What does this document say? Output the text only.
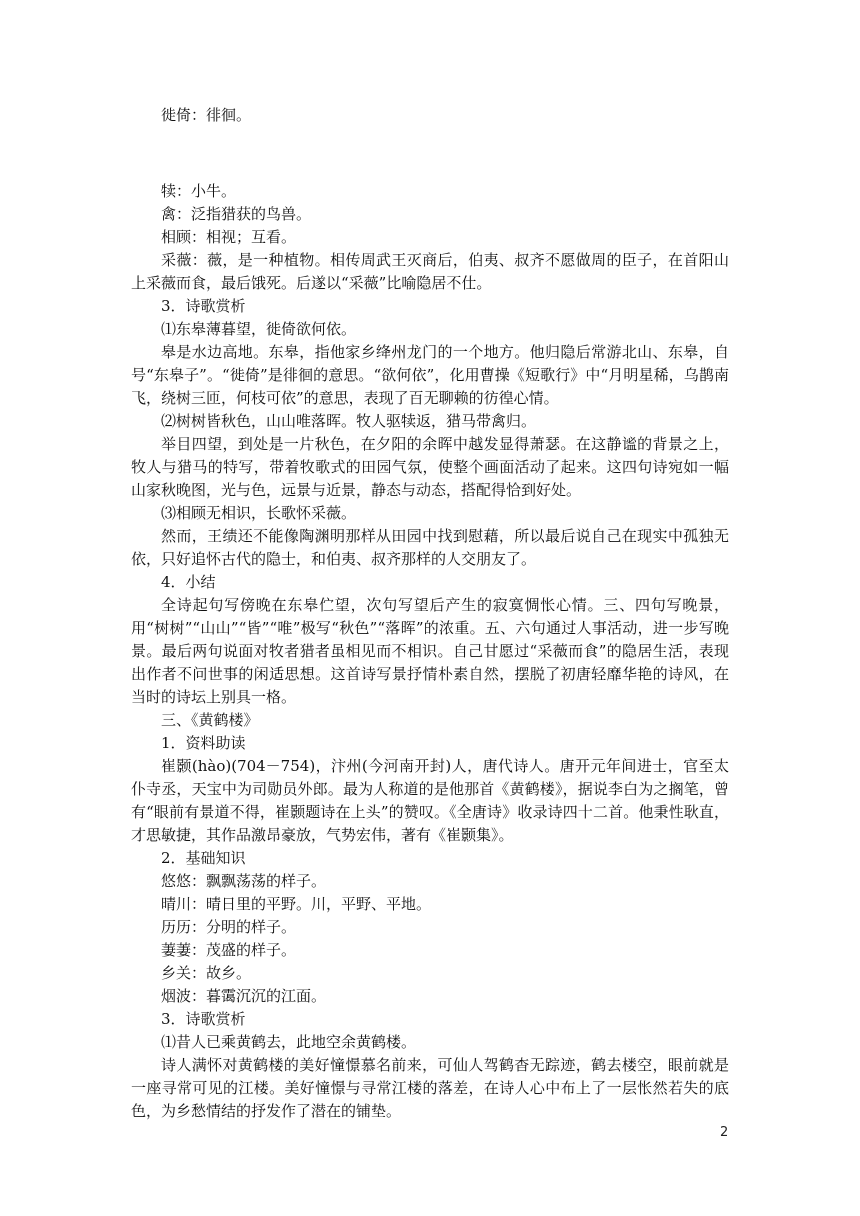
徙倚：徘徊。

犊：小牛。

禽：泛指猎获的鸟兽。

相顾：相视；互看。

采薇：薇，是一种植物。相传周武王灭商后，伯夷、叔齐不愿做周的臣子，在首阳山上采薇而食，最后饿死。后遂以“采薇”比喻隐居不仕。

3．诗歌赏析

⑴东皋薄暮望，徙倚欲何依。

皋是水边高地。东皋，指他家乡绛州龙门的一个地方。他归隐后常游北山、东皋，自号“东皋子”。“徙倚”是徘徊的意思。“欲何依”，化用曹操《短歌行》中“月明星稀，乌鹊南飞，绕树三匝，何枝可依”的意思，表现了百无聊赖的彷徨心情。

⑵树树皆秋色，山山唯落晖。牧人驱犊返，猎马带禽归。

举目四望，到处是一片秋色，在夕阳的余晖中越发显得萧瑟。在这静谧的背景之上，牧人与猎马的特写，带着牧歌式的田园气氛，使整个画面活动了起来。这四句诗宛如一幅山家秋晚图，光与色，远景与近景，静态与动态，搭配得恰到好处。

⑶相顾无相识，长歌怀采薇。

然而，王绩还不能像陶渊明那样从田园中找到慰藉，所以最后说自己在现实中孤独无依，只好追怀古代的隐士，和伯夷、叔齐那样的人交朋友了。

4．小结

全诗起句写傍晚在东皋伫望，次句写望后产生的寂寞惆怅心情。三、四句写晚景，用“树树”“山山”“皆”“唯”极写“秋色”“落晖”的浓重。五、六句通过人事活动，进一步写晚景。最后两句说面对牧者猎者虽相见而不相识。自己甘愿过“采薇而食”的隐居生活，表现出作者不问世事的闲适思想。这首诗写景抒情朴素自然，摆脱了初唐轻靡华艳的诗风，在当时的诗坛上别具一格。

三、《黄鹤楼》

1．资料助读

崔颢(hào)(704－754)，汴州(今河南开封)人，唐代诗人。唐开元年间进士，官至太仆寺丞，天宝中为司勋员外郎。最为人称道的是他那首《黄鹤楼》，据说李白为之搁笔，曾有“眼前有景道不得，崔颢题诗在上头”的赞叹。《全唐诗》收录诗四十二首。他秉性耿直，才思敏捷，其作品激昂豪放，气势宏伟，著有《崔颢集》。

2．基础知识

悠悠：飘飘荡荡的样子。

晴川：晴日里的平野。川，平野、平地。

历历：分明的样子。

萋萋：茂盛的样子。

乡关：故乡。

烟波：暮霭沉沉的江面。

3．诗歌赏析

⑴昔人已乘黄鹤去，此地空余黄鹤楼。

诗人满怀对黄鹤楼的美好憧憬慕名前来，可仙人驾鹤杳无踪迹，鹤去楼空，眼前就是一座寻常可见的江楼。美好憧憬与寻常江楼的落差，在诗人心中布上了一层怅然若失的底色，为乡愁情结的抒发作了潜在的铺垫。

2
